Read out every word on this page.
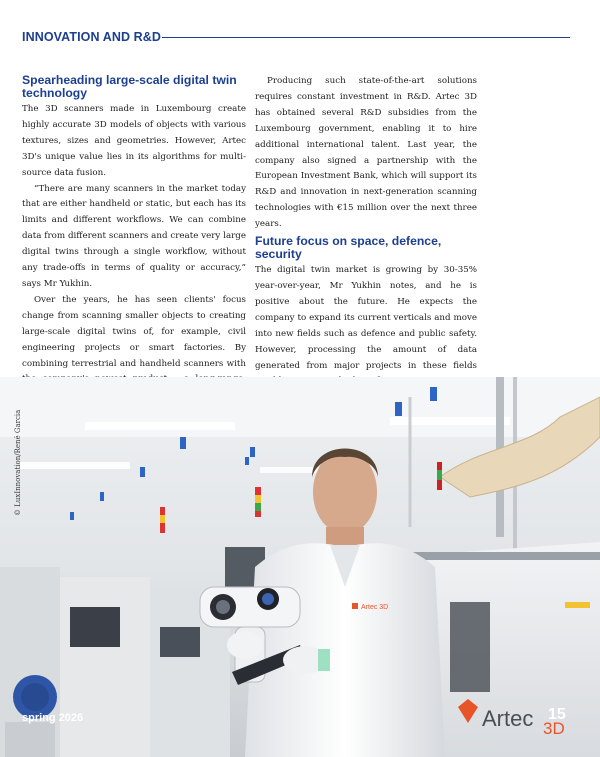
INNOVATION AND R&D
Spearheading large-scale digital twin technology

The 3D scanners made in Luxembourg create highly accurate 3D models of objects with various textures, sizes and geometries. However, Artec 3D's unique value lies in its algorithms for multi-source data fusion.

“There are many scanners in the market today that are either handheld or static, but each has its limits and different workflows. We can combine data from different scanners and create very large digital twins through a single workflow, without any trade-offs in terms of quality or accuracy,” says Mr Yukhin.

Over the years, he has seen clients' focus change from scanning smaller objects to creating large-scale digital twins of, for example, civil engineering projects or smart factories. By combining terrestrial and handheld scanners with

Producing such state-of-the-art solutions requires constant investment in R&D. Artec 3D has obtained several R&D subsidies from the Luxembourg government, enabling it to hire additional international talent. Last year, the company also signed a partnership with the European Investment Bank, which will support its R&D and innovation in next-generation scanning technologies with €15 million over the next three years.

Future focus on space, defence, security

The digital twin market is growing by 30-35% year-over-year, Mr Yukhin notes, and he is positive about the future. He expects the company to expand its current verticals and move into new fields such as defence and public safety. However, processing the amount of data generated from major projects in these fields

Artec 3D
Artec 3D
© LuxInnovation/René Garcia
spring 2026	15
